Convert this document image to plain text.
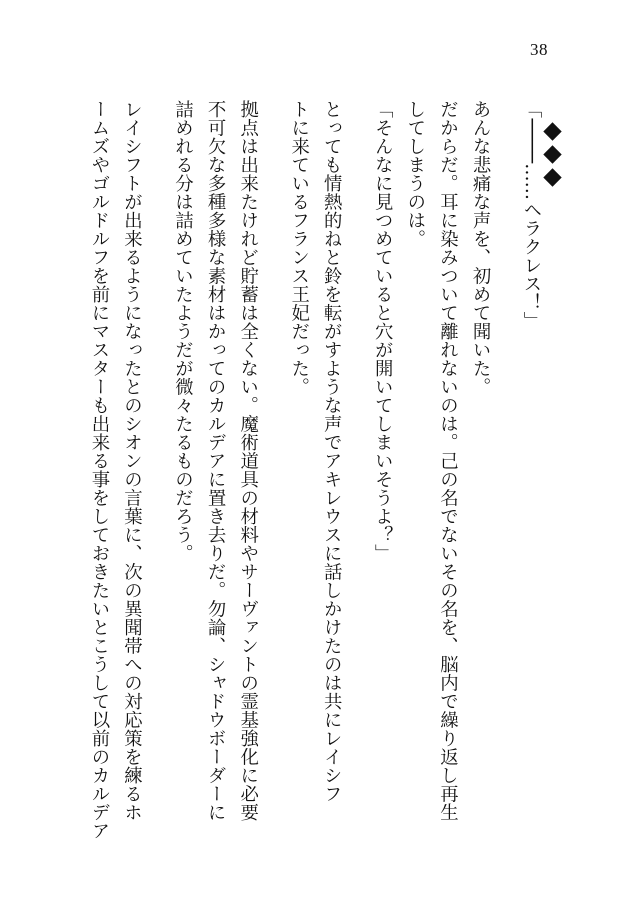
38
「────……ヘラクレス！」
あんな悲痛な声を、初めて聞いた。
だからだ。耳に染みついて離れないのは。己の名でないその名を、脳内で繰り返し再生
してしまうのは。
「そんなに見つめていると穴が開いてしまいそうよ？」
とっても情熱的ねと鈴を転がすような声でアキレウスに話しかけたのは共にレイシフ
トに来ているフランス王妃だった。
拠点は出来たけれど貯蓄は全くない。魔術道具の材料やサーヴァントの霊基強化に必要
不可欠な多種多様な素材はかってのカルデアに置き去りだ。勿論、シャドウボーダーに
詰めれる分は詰めていたようだが微々たるものだろう。
レイシフトが出来るようになったとのシオンの言葉に、次の異聞帯への対応策を練るホ
ームズやゴルドルフを前にマスターも出来る事をしておきたいとこうして以前のカルデア
